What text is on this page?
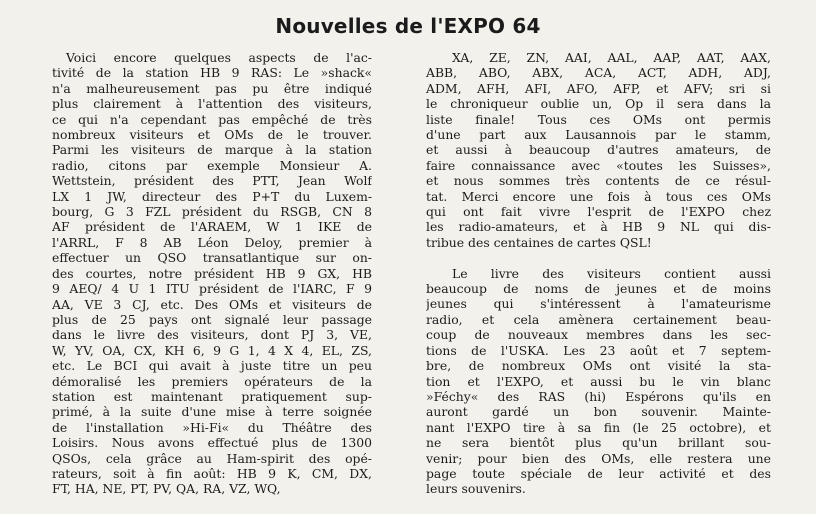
Nouvelles de l'EXPO 64
Voici encore quelques aspects de l'ac-
tivité de la station HB 9 RAS: Le »shack«
n'a malheureusement pas pu être indiqué
plus clairement à l'attention des visiteurs,
ce qui n'a cependant pas empêché de très
nombreux visiteurs et OMs de le trouver.
Parmi les visiteurs de marque à la station
radio, citons par exemple Monsieur A.
Wettstein, président des PTT, Jean Wolf
LX 1 JW, directeur des P+T du Luxem-
bourg, G 3 FZL président du RSGB, CN 8
AF président de l'ARAEM, W 1 IKE de
l'ARRL, F 8 AB Léon Deloy, premier à
effectuer un QSO transatlantique sur on-
des courtes, notre président HB 9 GX, HB
9 AEQ/ 4 U 1 ITU président de l'IARC, F 9
AA, VE 3 CJ, etc. Des OMs et visiteurs de
plus de 25 pays ont signalé leur passage
dans le livre des visiteurs, dont PJ 3, VE,
W, YV, OA, CX, KH 6, 9 G 1, 4 X 4, EL, ZS,
etc. Le BCI qui avait à juste titre un peu
démoralisé les premiers opérateurs de la
station est maintenant pratiquement sup-
primé, à la suite d'une mise à terre soignée
de l'installation »Hi-Fi« du Théâtre des
Loisirs. Nous avons effectué plus de 1300
QSOs, cela grâce au Ham-spirit des opé-
rateurs, soit à fin août: HB 9 K, CM, DX,
FT, HA, NE, PT, PV, QA, RA, VZ, WQ,
XA, ZE, ZN, AAI, AAL, AAP, AAT, AAX,
ABB, ABO, ABX, ACA, ACT, ADH, ADJ,
ADM, AFH, AFI, AFO, AFP, et AFV; sri si
le chroniqueur oublie un, Op il sera dans la
liste finale! Tous ces OMs ont permis
d'une part aux Lausannois par le stamm,
et aussi à beaucoup d'autres amateurs, de
faire connaissance avec «toutes les Suisses»,
et nous sommes très contents de ce résul-
tat. Merci encore une fois à tous ces OMs
qui ont fait vivre l'esprit de l'EXPO chez
les radio-amateurs, et à HB 9 NL qui dis-
tribue des centaines de cartes QSL!
Le livre des visiteurs contient aussi
beaucoup de noms de jeunes et de moins
jeunes qui s'intéressent à l'amateurisme
radio, et cela amènera certainement beau-
coup de nouveaux membres dans les sec-
tions de l'USKA. Les 23 août et 7 septem-
bre, de nombreux OMs ont visité la sta-
tion et l'EXPO, et aussi bu le vin blanc
»Féchy« des RAS (hi) Espérons qu'ils en
auront gardé un bon souvenir. Mainte-
nant l'EXPO tire à sa fin (le 25 octobre), et
ne sera bientôt plus qu'un brillant sou-
venir; pour bien des OMs, elle restera une
page toute spéciale de leur activité et des
leurs souvenirs.
